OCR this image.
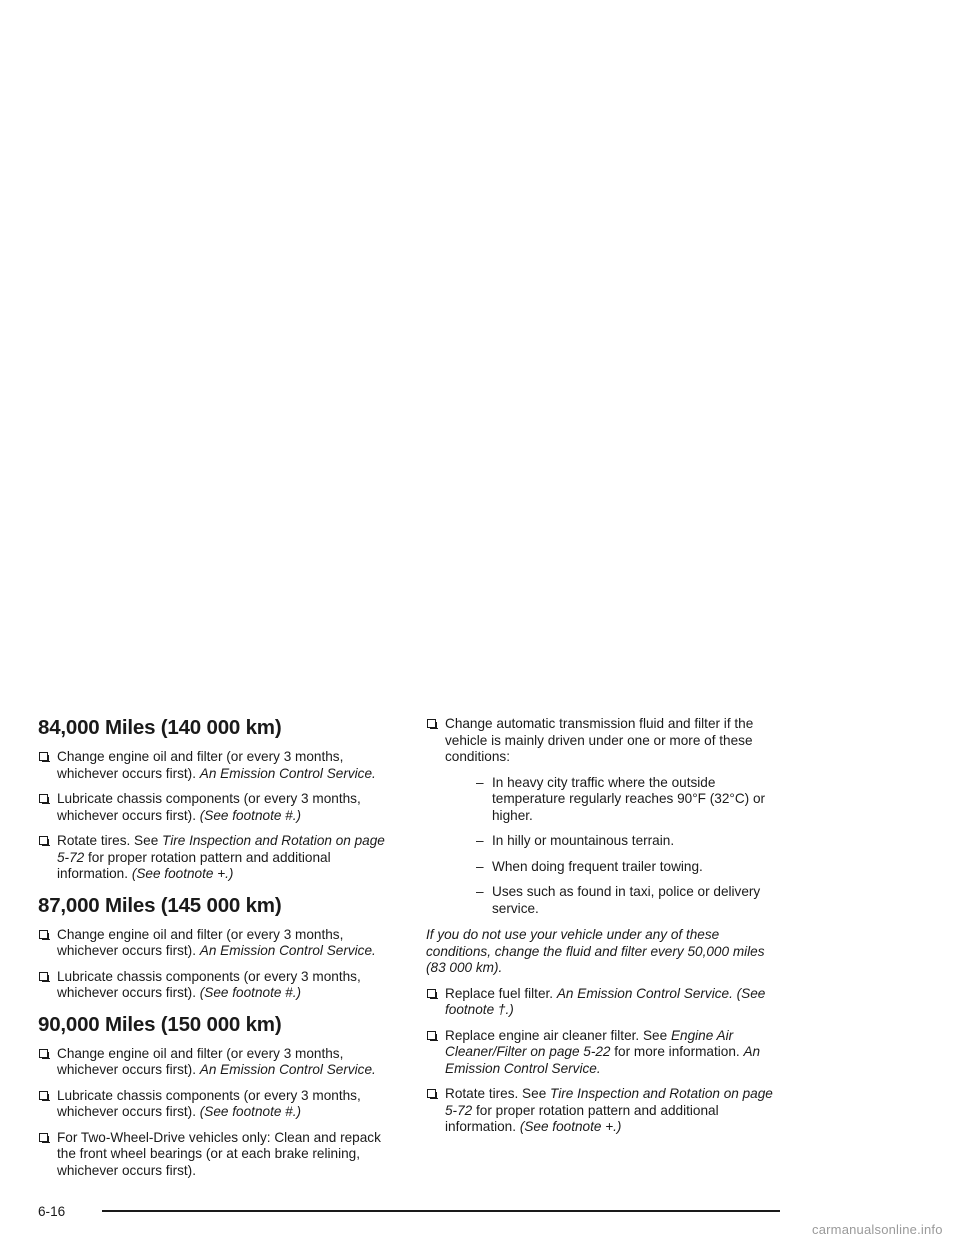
84,000 Miles (140 000 km)
Change engine oil and filter (or every 3 months, whichever occurs first). An Emission Control Service.
Lubricate chassis components (or every 3 months, whichever occurs first). (See footnote #.)
Rotate tires. See Tire Inspection and Rotation on page 5-72 for proper rotation pattern and additional information. (See footnote +.)
87,000 Miles (145 000 km)
Change engine oil and filter (or every 3 months, whichever occurs first). An Emission Control Service.
Lubricate chassis components (or every 3 months, whichever occurs first). (See footnote #.)
90,000 Miles (150 000 km)
Change engine oil and filter (or every 3 months, whichever occurs first). An Emission Control Service.
Lubricate chassis components (or every 3 months, whichever occurs first). (See footnote #.)
For Two-Wheel-Drive vehicles only: Clean and repack the front wheel bearings (or at each brake relining, whichever occurs first).
Change automatic transmission fluid and filter if the vehicle is mainly driven under one or more of these conditions:
– In heavy city traffic where the outside temperature regularly reaches 90°F (32°C) or higher.
– In hilly or mountainous terrain.
– When doing frequent trailer towing.
– Uses such as found in taxi, police or delivery service.
If you do not use your vehicle under any of these conditions, change the fluid and filter every 50,000 miles (83 000 km).
Replace fuel filter. An Emission Control Service. (See footnote †.)
Replace engine air cleaner filter. See Engine Air Cleaner/Filter on page 5-22 for more information. An Emission Control Service.
Rotate tires. See Tire Inspection and Rotation on page 5-72 for proper rotation pattern and additional information. (See footnote +.)
6-16
carmanualsonline.info
